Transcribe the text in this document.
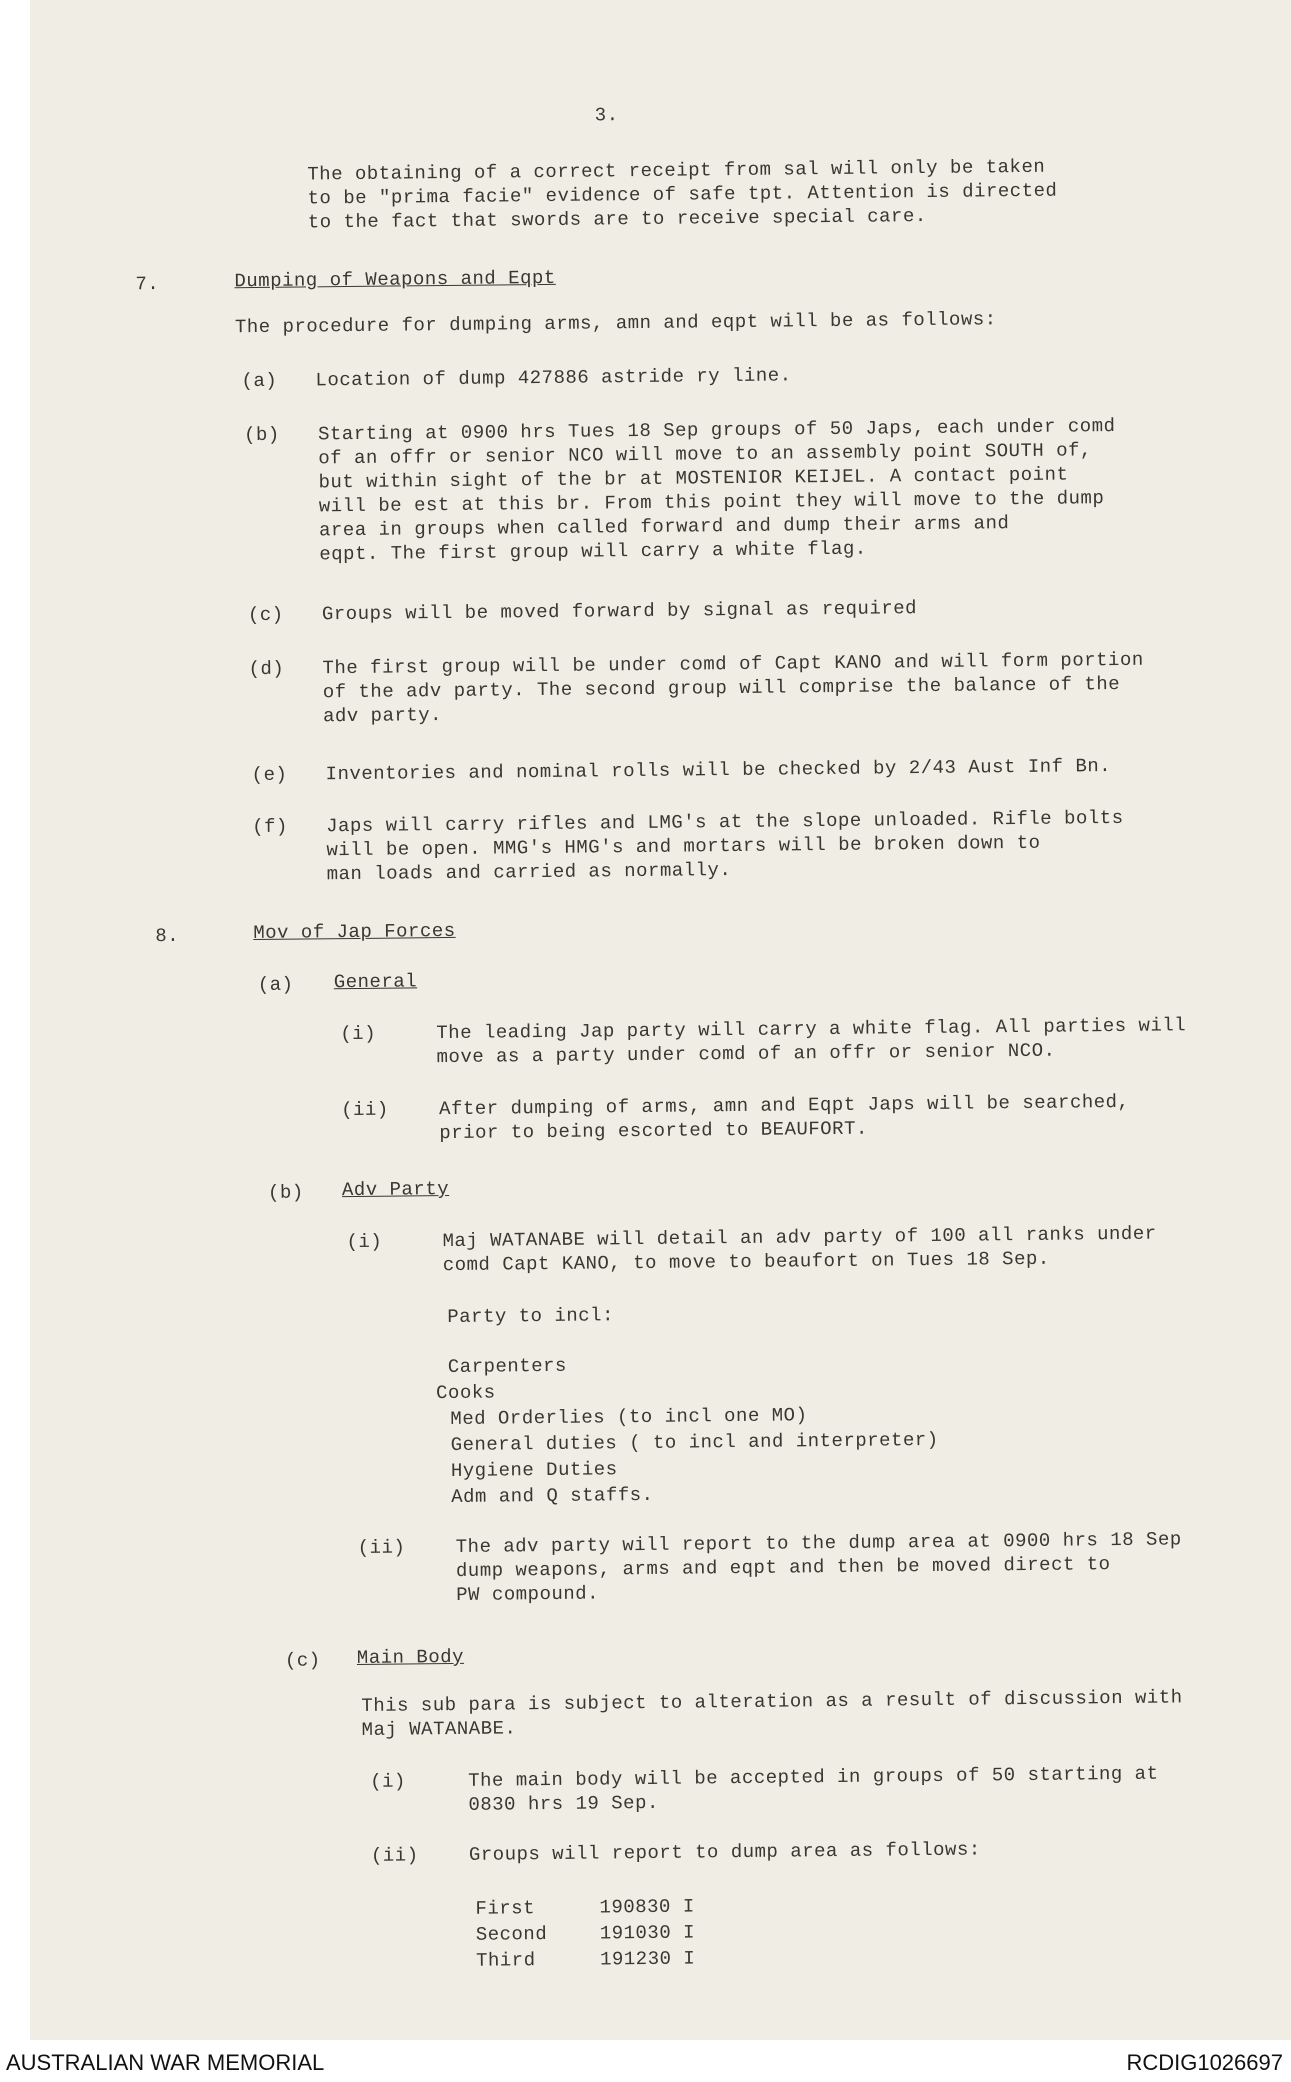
3.
The obtaining of a correct receipt from sal will only be taken
to be "prima facie" evidence of safe tpt. Attention is directed
to the fact that swords are to receive special care.
7.	Dumping of Weapons and Eqpt
The procedure for dumping arms, amn and eqpt will be as follows:
(a) Location of dump 427886 astride ry line.
(b) Starting at 0900 hrs Tues 18 Sep groups of 50 Japs, each under comd
of an offr or senior NCO will move to an assembly point SOUTH of,
but within sight of the br at MOSTENIOR KEIJEL. A contact point
will be est at this br. From this point they will move to the dump
area in groups when called forward and dump their arms and
eqpt. The first group will carry a white flag.
(c) Groups will be moved forward by signal as required
(d) The first group will be under comd of Capt KANO and will form portion
of the adv party. The second group will comprise the balance of the
adv party.
(e) Inventories and nominal rolls will be checked by 2/43 Aust Inf Bn.
(f) Japs will carry rifles and LMG's at the slope unloaded. Rifle bolts
will be open. MMG's HMG's and mortars will be broken down to
man loads and carried as normally.
8.	Mov of Jap Forces
(a) General
(i)	The leading Jap party will carry a white flag. All parties will
move as a party under comd of an offr or senior NCO.
(ii)	After dumping of arms, amn and Eqpt Japs will be searched,
prior to being escorted to BEAUFORT.
(b) Adv Party
(i)	Maj WATANABE will detail an adv party of 100 all ranks under
comd Capt KANO, to move to beaufort on Tues 18 Sep.
Party to incl:
Carpenters
Cooks
Med Orderlies (to incl one MO)
General duties ( to incl and interpreter)
Hygiene Duties
Adm and Q staffs.
(ii)	The adv party will report to the dump area at 0900 hrs 18 Sep
dump weapons, arms and eqpt and then be moved direct to
PW compound.
(c) Main Body
This sub para is subject to alteration as a result of discussion with
Maj WATANABE.
(i)	The main body will be accepted in groups of 50 starting at
0830 hrs 19 Sep.
(ii)	Groups will report to dump area as follows:
First	190830 I
Second	191030 I
Third	191230 I
AUSTRALIAN WAR MEMORIAL	RCDIG1026697
